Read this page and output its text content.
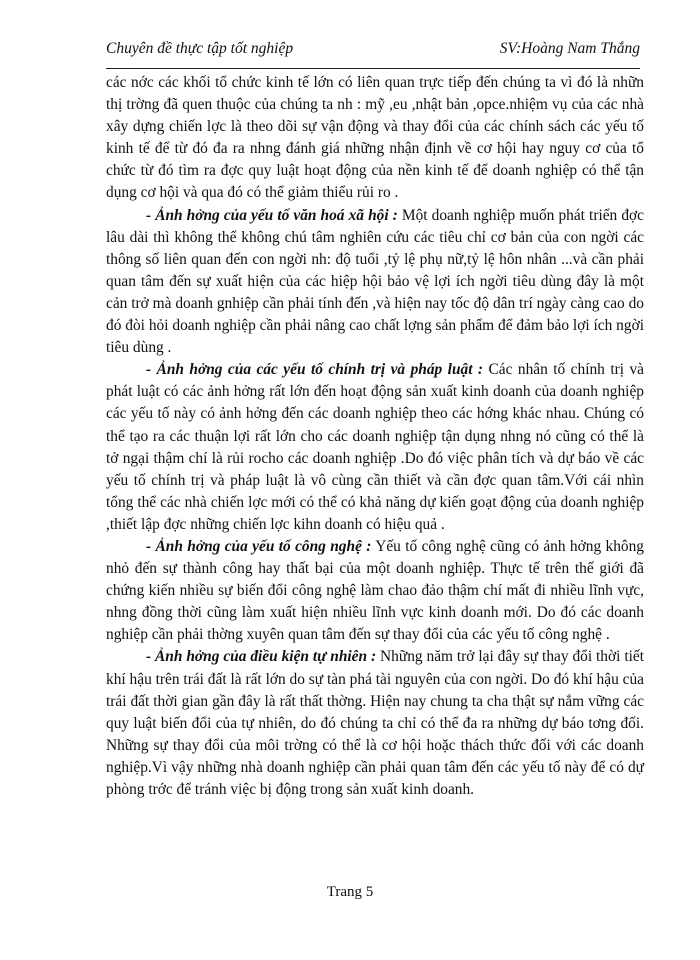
Chuyên đề thực tập tốt nghiệp	SV:Hoàng Nam Thắng

các nớc các khối tổ chức kinh tế lớn có liên quan trực tiếp đến chúng ta vì đó là nhữn thị trờng đã quen thuộc của chúng ta nh : mỹ ,eu ,nhật bản ,opce.nhiệm vụ của các nhà xây dựng chiến lợc là theo dõi sự vận động và thay đổi của các chính sách các yếu tố kinh tế để từ đó đa ra nhng đánh giá những nhận định về cơ hội hay nguy cơ của tổ chức từ đó tìm ra đợc quy luật hoạt động của nền kinh tế để doanh nghiệp có thể tận dụng cơ hội và qua đó có thể giảm thiểu rủi ro .

- Ảnh hởng của yếu tố văn hoá xã hội : Một doanh nghiệp muốn phát triển đợc lâu dài thì không thể không chú tâm nghiên cứu các tiêu chỉ cơ bản của con ngời các thông số liên quan đến con ngời nh: độ tuổi ,tỷ lệ phụ nữ,tỷ lệ hôn nhân ...và cần phải quan tâm đến sự xuất hiện của các hiệp hội bảo vệ lợi ích ngời tiêu dùng đây là một cản trở mà doanh gnhiệp cần phải tính đến ,và hiện nay tốc độ dân trí ngày càng cao do đó đòi hỏi doanh nghiệp cần phải nâng cao chất lợng sản phẩm để đảm bảo lợi ích ngời tiêu dùng .

- Ảnh hởng của các yếu tố chính trị và pháp luật : Các nhân tố chính trị và phát luật có các ảnh hởng rất lớn đến hoạt động sản xuất kinh doanh của doanh nghiệp các yếu tố này có ảnh hởng đến các doanh nghiệp theo các hớng khác nhau. Chúng có thể tạo ra các thuận lợi rất lớn cho các doanh nghiệp tận dụng nhng nó cũng có thể là tở ngại thậm chí là rủi rocho các doanh nghiệp .Do đó việc phân tích và dự báo về các yếu tố chính trị và pháp luật là vô cùng cần thiết và cần đợc quan tâm.Với cái nhìn tổng thể các nhà chiến lợc mới có thể có khả năng dự kiến goạt động của doanh nghiệp ,thiết lập đợc những chiến lợc kihn doanh có hiệu quả .

- Ảnh hởng của yếu tố công nghệ : Yếu tố công nghệ cũng có ảnh hởng không nhỏ đến sự thành công hay thất bại của một doanh nghiệp. Thực tế trên thế giới đã chứng kiến nhiều sự biến đổi công nghệ làm chao đảo thậm chí mất đi nhiều lĩnh vực, nhng đồng thời cũng làm xuất hiện nhiều lĩnh vực kinh doanh mới. Do đó các doanh nghiệp cần phải thờng xuyên quan tâm đến sự thay đổi của các yếu tố công nghệ .

- Ảnh hởng của điều kiện tự nhiên : Những năm trở lại đây sự thay đổi thời tiết khí hậu trên trái đất là rất lớn do sự tàn phá tài nguyên của con ngời. Do đó khí hậu của trái đất thời gian gần đây là rất thất thờng. Hiện nay chung ta cha thật sự nắm vững các quy luật biến đổi của tự nhiên, do đó chúng ta chỉ có thể đa ra những dự báo tơng đối. Những sự thay đổi của môi trờng có thể là cơ hội hoặc thách thức đối với các doanh nghiệp.Vì vậy những nhà doanh nghiệp cần phải quan tâm đến các yếu tố này để có dự phòng trớc để tránh việc bị động trong sản xuất kinh doanh.

Trang 5
